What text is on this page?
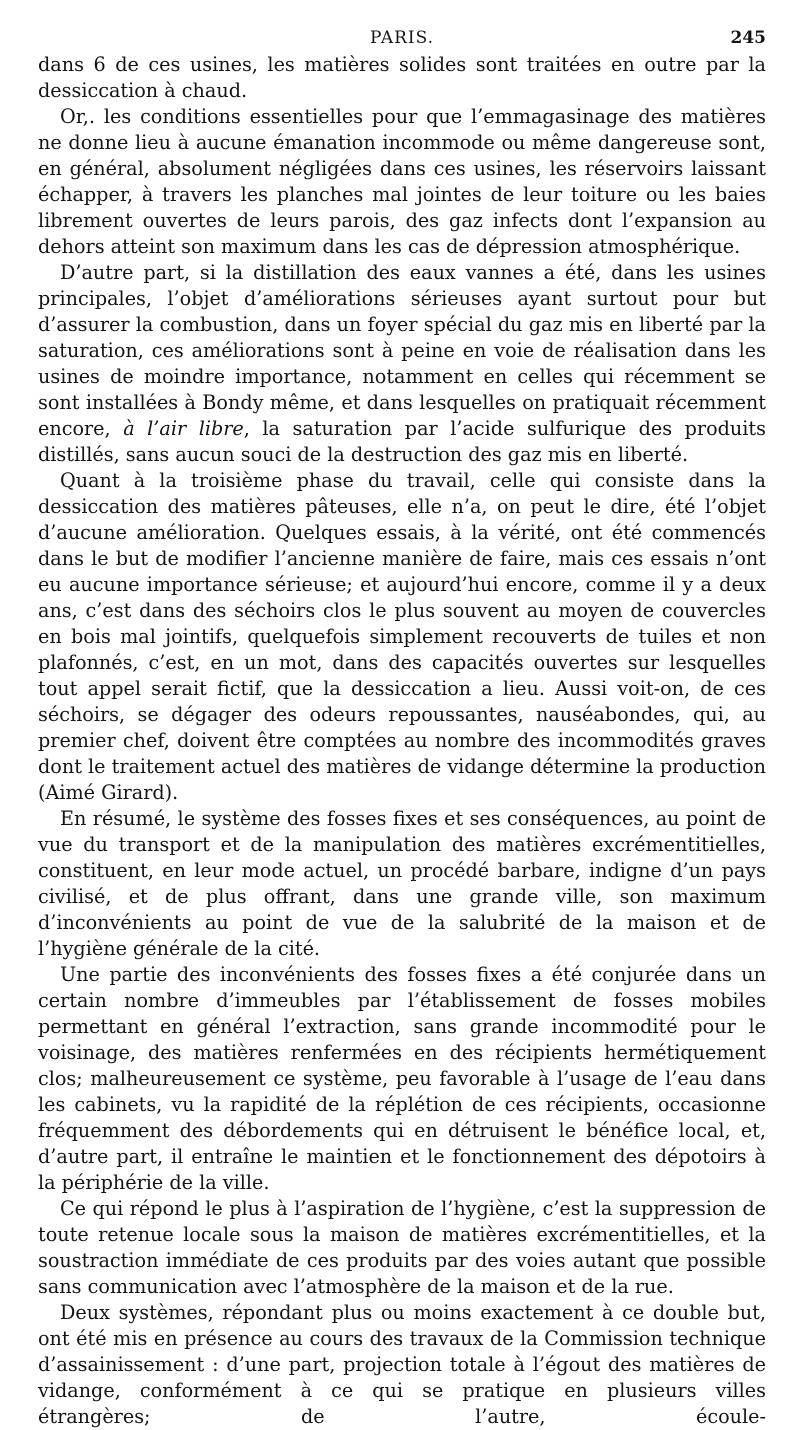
PARIS.	245

dans 6 de ces usines, les matières solides sont traitées en outre par la dessiccation à chaud.

Or,. les conditions essentielles pour que l’emmagasinage des matières ne donne lieu à aucune émanation incommode ou même dangereuse sont, en général, absolument négligées dans ces usines, les réservoirs laissant échapper, à travers les planches mal jointes de leur toiture ou les baies librement ouvertes de leurs parois, des gaz infects dont l’expansion au dehors atteint son maximum dans les cas de dépression atmosphérique.

D’autre part, si la distillation des eaux vannes a été, dans les usines principales, l’objet d’améliorations sérieuses ayant surtout pour but d’assurer la combustion, dans un foyer spécial du gaz mis en liberté par la saturation, ces améliorations sont à peine en voie de réalisation dans les usines de moindre importance, notamment en celles qui récemment se sont installées à Bondy même, et dans lesquelles on pratiquait récemment encore, à l’air libre, la saturation par l’acide sulfurique des produits distillés, sans aucun souci de la destruction des gaz mis en liberté.

Quant à la troisième phase du travail, celle qui consiste dans la dessiccation des matières pâteuses, elle n’a, on peut le dire, été l’objet d’aucune amélioration. Quelques essais, à la vérité, ont été commencés dans le but de modifier l’ancienne manière de faire, mais ces essais n’ont eu aucune importance sérieuse; et aujourd’hui encore, comme il y a deux ans, c’est dans des séchoirs clos le plus souvent au moyen de couvercles en bois mal jointifs, quelquefois simplement recouverts de tuiles et non plafonnés, c’est, en un mot, dans des capacités ouvertes sur lesquelles tout appel serait fictif, que la dessiccation a lieu. Aussi voit-on, de ces séchoirs, se dégager des odeurs repoussantes, nauséabondes, qui, au premier chef, doivent être comptées au nombre des incommodités graves dont le traitement actuel des matières de vidange détermine la production (Aimé Girard).

En résumé, le système des fosses fixes et ses conséquences, au point de vue du transport et de la manipulation des matières excrémentitielles, constituent, en leur mode actuel, un procédé barbare, indigne d’un pays civilisé, et de plus offrant, dans une grande ville, son maximum d’inconvénients au point de vue de la salubrité de la maison et de l’hygiène générale de la cité.

Une partie des inconvénients des fosses fixes a été conjurée dans un certain nombre d’immeubles par l’établissement de fosses mobiles permettant en général l’extraction, sans grande incommodité pour le voisinage, des matières renfermées en des récipients hermétiquement clos; malheureusement ce système, peu favorable à l’usage de l’eau dans les cabinets, vu la rapidité de la réplétion de ces récipients, occasionne fréquemment des débordements qui en détruisent le bénéfice local, et, d’autre part, il entraîne le maintien et le fonctionnement des dépotoirs à la périphérie de la ville.

Ce qui répond le plus à l’aspiration de l’hygiène, c’est la suppression de toute retenue locale sous la maison de matières excrémentitielles, et la soustraction immédiate de ces produits par des voies autant que possible sans communication avec l’atmosphère de la maison et de la rue.

Deux systèmes, répondant plus ou moins exactement à ce double but, ont été mis en présence au cours des travaux de la Commission technique d’assainissement : d’une part, projection totale à l’égout des matières de vidange, conformément à ce qui se pratique en plusieurs villes étrangères; de l’autre, écoule-
